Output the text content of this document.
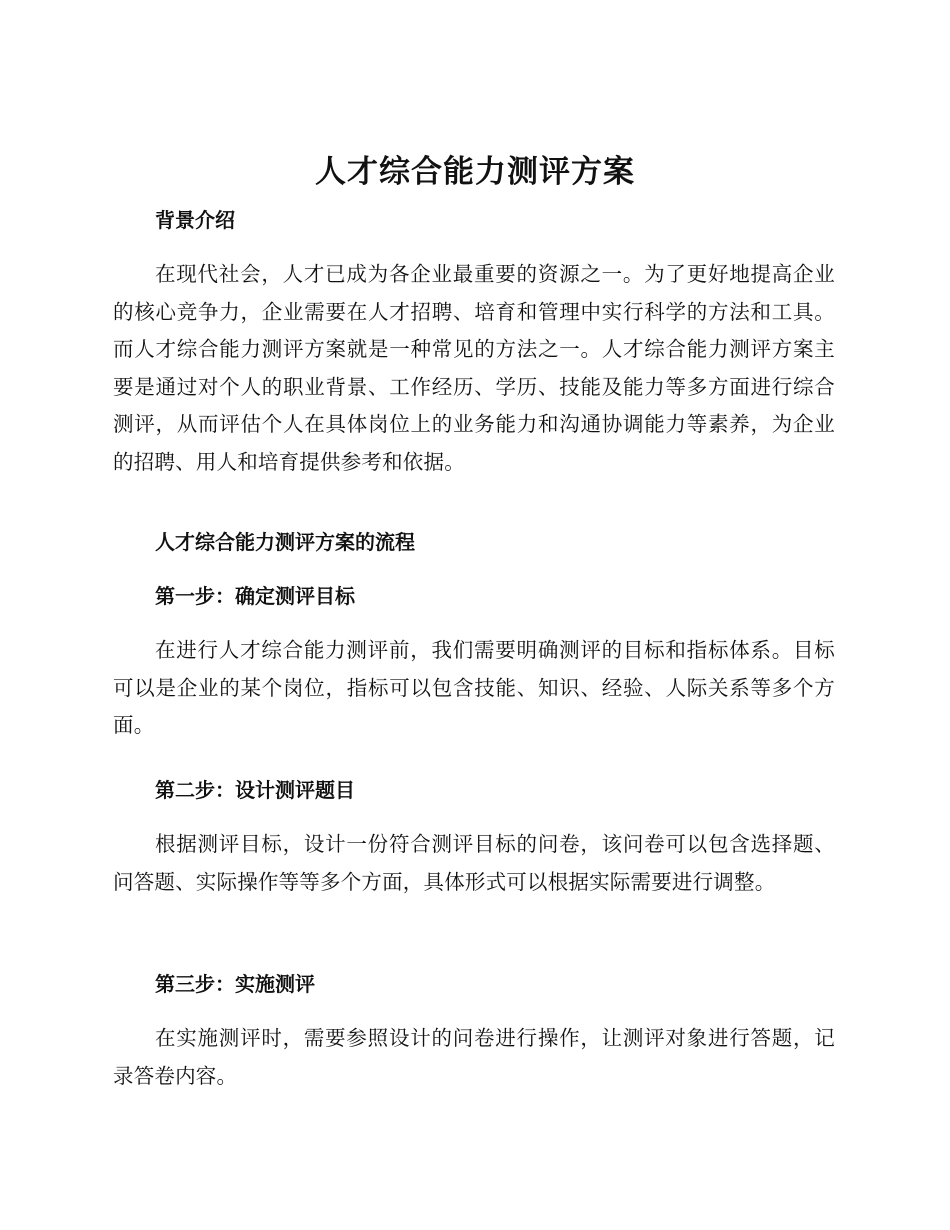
人才综合能力测评方案
背景介绍

在现代社会，人才已成为各企业最重要的资源之一。为了更好地提高企业的核心竞争力，企业需要在人才招聘、培育和管理中实行科学的方法和工具。而人才综合能力测评方案就是一种常见的方法之一。人才综合能力测评方案主要是通过对个人的职业背景、工作经历、学历、技能及能力等多方面进行综合测评，从而评估个人在具体岗位上的业务能力和沟通协调能力等素养，为企业的招聘、用人和培育提供参考和依据。

人才综合能力测评方案的流程
第一步：确定测评目标

在进行人才综合能力测评前，我们需要明确测评的目标和指标体系。目标可以是企业的某个岗位，指标可以包含技能、知识、经验、人际关系等多个方面。

第二步：设计测评题目

根据测评目标，设计一份符合测评目标的问卷，该问卷可以包含选择题、问答题、实际操作等等多个方面，具体形式可以根据实际需要进行调整。

第三步：实施测评

在实施测评时，需要参照设计的问卷进行操作，让测评对象进行答题，记录答卷内容。
